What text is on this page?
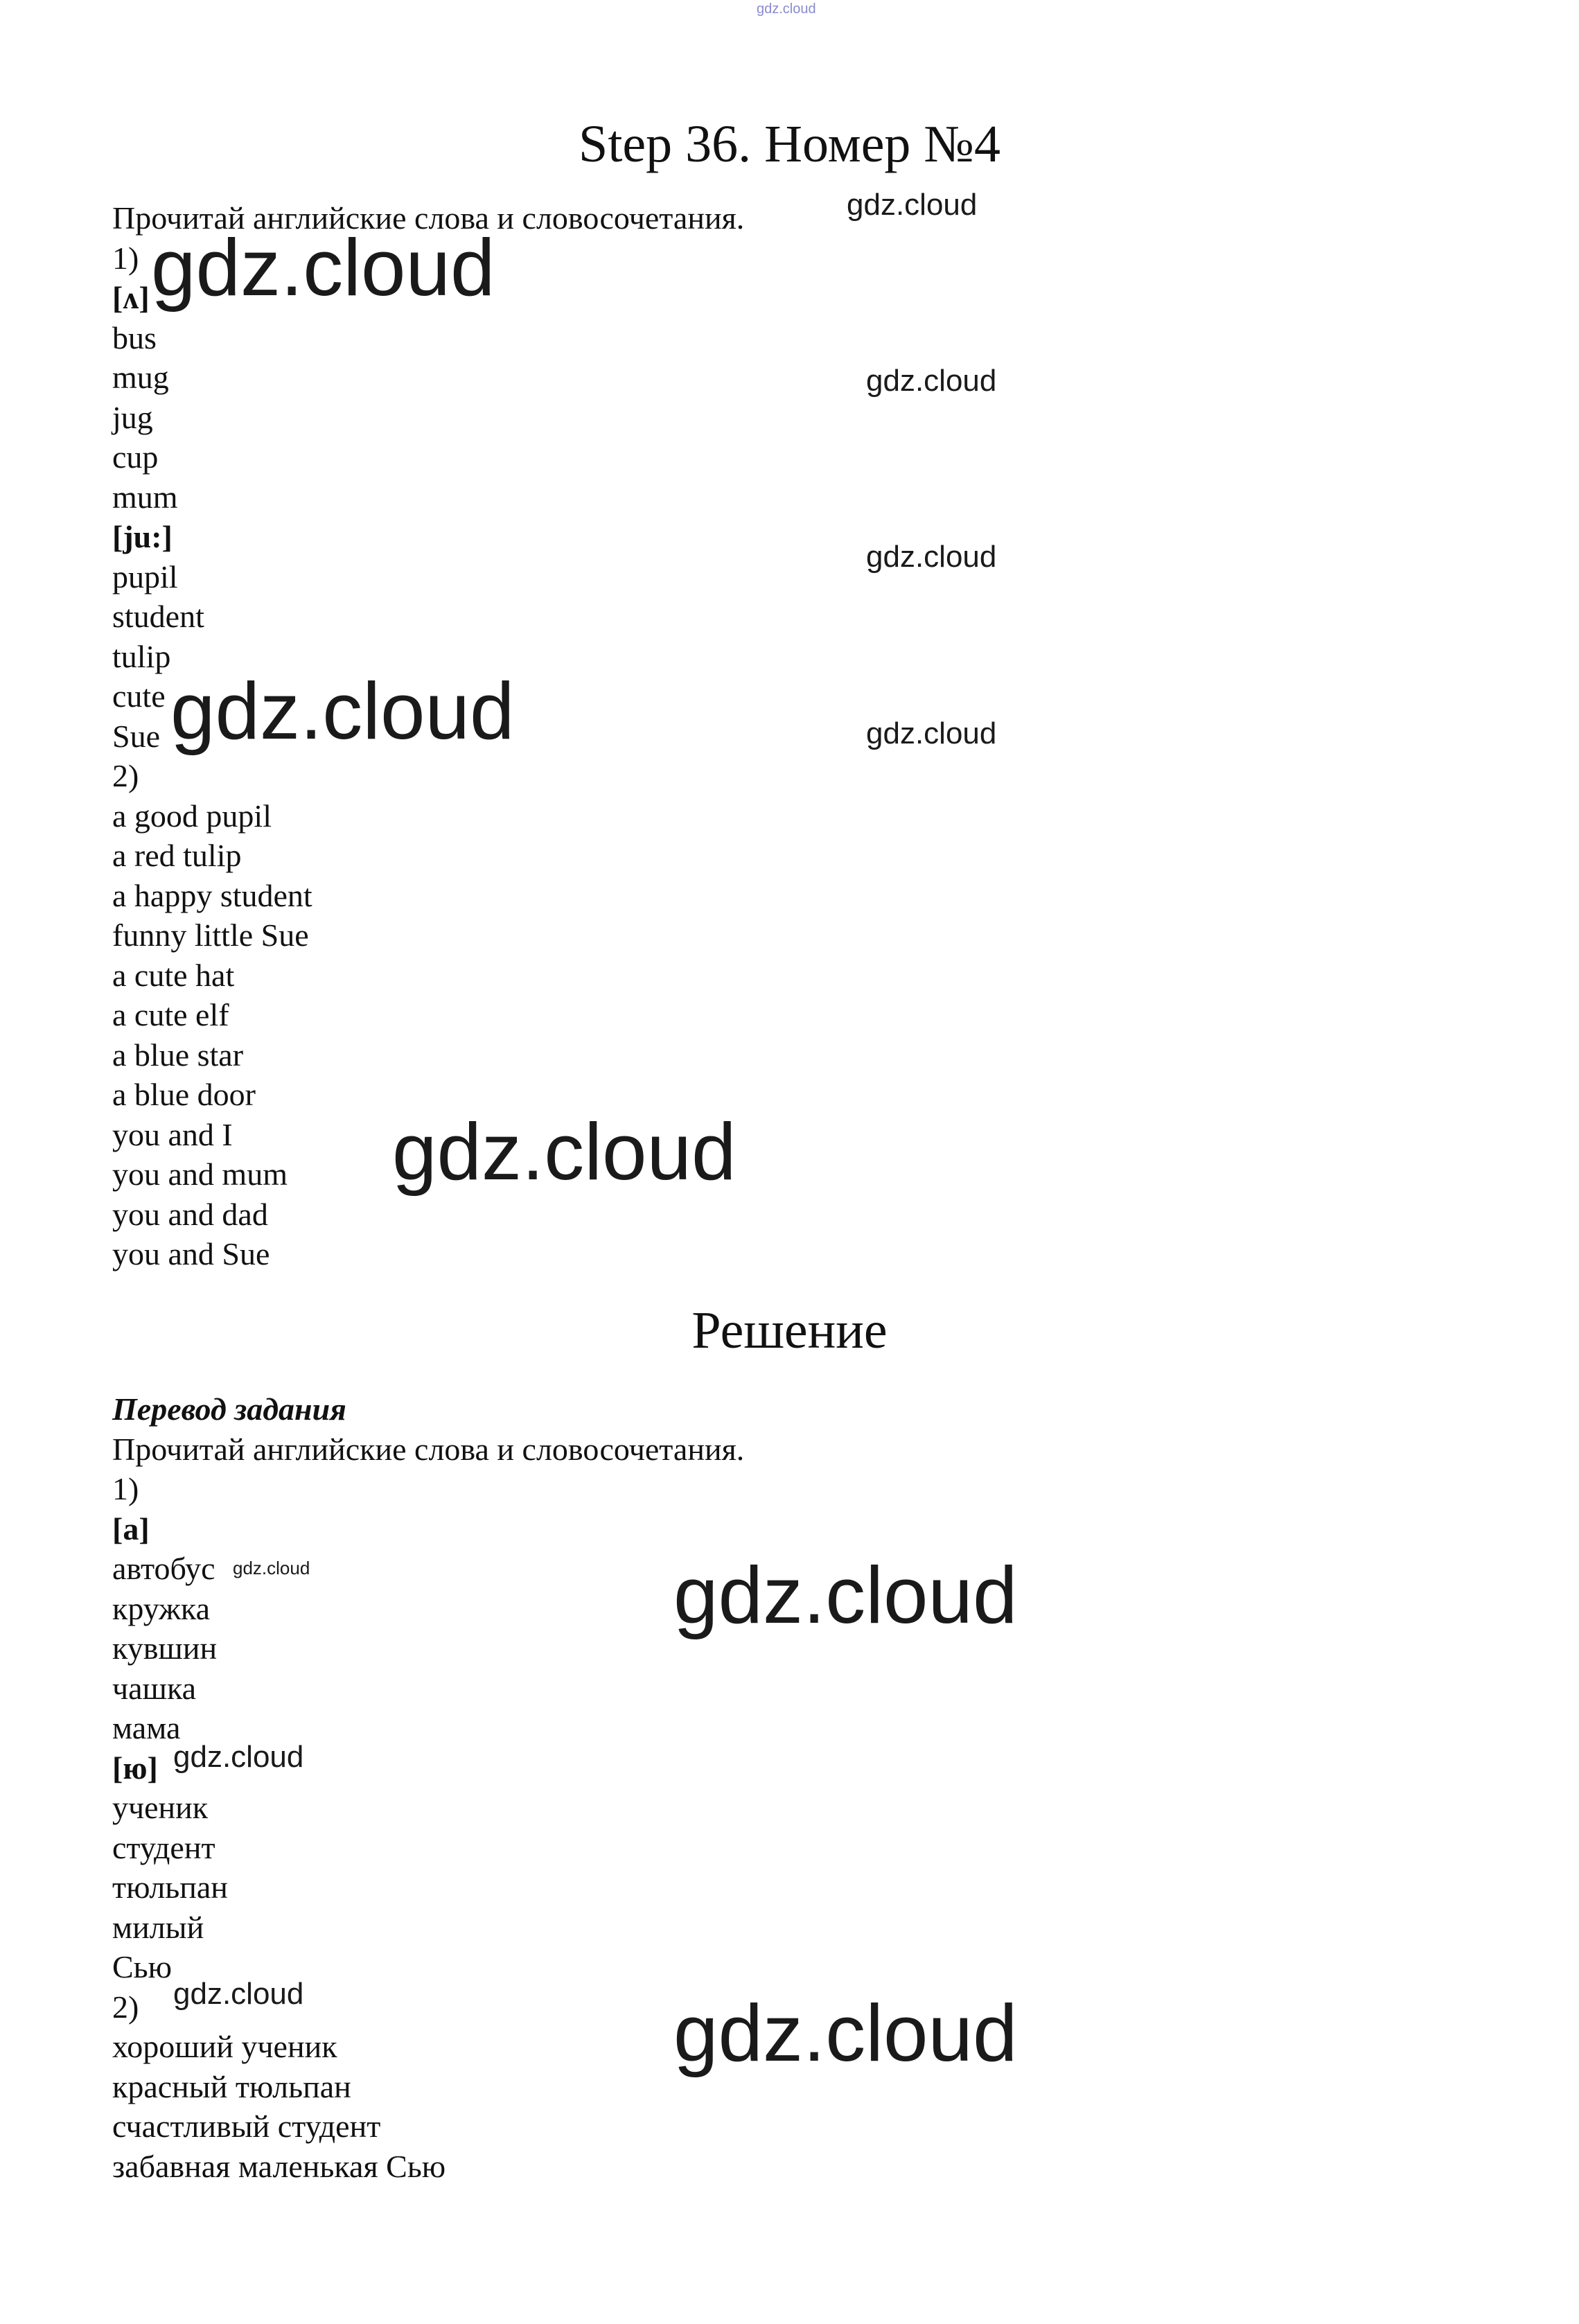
gdz.cloud
Step 36. Номер №4
Прочитай английские слова и словосочетания.
1)
[ʌ]
bus
mug
jug
cup
mum
[ju:]
pupil
student
tulip
cute
Sue
2)
a good pupil
a red tulip
a happy student
funny little Sue
a cute hat
a cute elf
a blue star
a blue door
you and I
you and mum
you and dad
you and Sue
Решение
Перевод задания
Прочитай английские слова и словосочетания.
1)
[а]
автобус
кружка
кувшин
чашка
мама
[ю]
ученик
студент
тюльпан
милый
Сью
2)
хороший ученик
красный тюльпан
счастливый студент
забавная маленькая Сью
gdz.cloud
gdz.cloud
gdz.cloud
gdz.cloud
gdz.cloud	gdz.cloud
gdz.cloud
gdz.cloud	gdz.cloud
gdz.cloud
gdz.cloud	gdz.cloud
